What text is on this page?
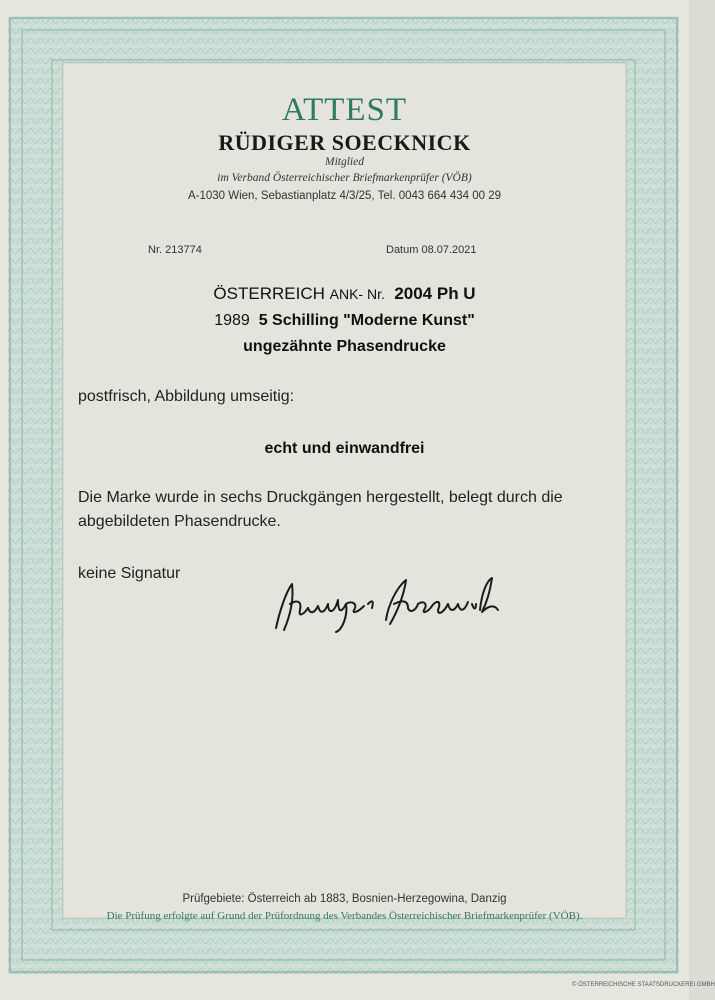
ATTEST
RÜDIGER SOECKNICK
Mitglied
im Verband Österreichischer Briefmarkenprüfer (VÖB)
A-1030 Wien, Sebastianplatz 4/3/25, Tel. 0043 664 434 00 29
Nr. 213774	Datum 08.07.2021
ÖSTERREICH ANK- Nr. 2004 Ph U
1989 5 Schilling "Moderne Kunst"
ungezähnte Phasendrucke
postfrisch, Abbildung umseitig:
echt und einwandfrei
Die Marke wurde in sechs Druckgängen hergestellt, belegt durch die
abgebildeten Phasendrucke.
keine Signatur
Prüfgebiete: Österreich ab 1883, Bosnien-Herzegowina, Danzig
Die Prüfung erfolgte auf Grund der Prüfordnung des Verbandes Österreichischer Briefmarkenprüfer (VÖB).
© ÖSTERREICHISCHE STAATSDRUCKEREI GMBH
